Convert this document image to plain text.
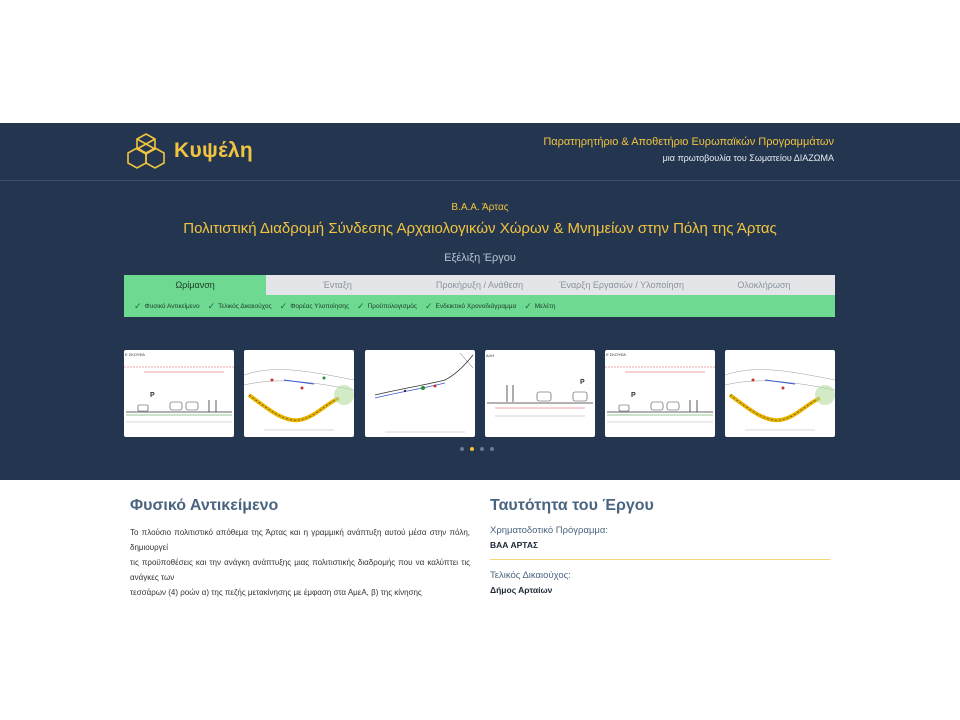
Κυψέλη	Παρατηρητήριο & Αποθετήριο Ευρωπαϊκών Προγραμμάτων
μια πρωτοβουλία του Σωματείου ΔΙΑΖΩΜΑ
Β.Α.Α. Άρτας
Πολιτιστική Διαδρομή Σύνδεσης Αρχαιολογικών Χώρων & Μνημείων στην Πόλη της Άρτας
Εξέλιξη Έργου
Ωρίμανση	Ένταξη	Προκήρυξη / Ανάθεση	Έναρξη Εργασιών / Υλοποίηση	Ολοκλήρωση
✓ Φυσικό Αντικείμενο ✓ Τελικός Δικαιούχος ✓ Φορέας Υλοποίησης ✓ Προϋπολογισμός ✓ Ενδεικτικό Χρονοδιάγραμμα ✓ Μελέτη
Ε ΣΚΟΥΦΑ
P
ΑΛΗ
P
Ε ΣΚΟΥΦΑ
P
Φυσικό Αντικείμενο

Το πλούσιο πολιτιστικό απόθεμα της Άρτας και η γραμμική ανάπτυξη αυτού μέσα στην πόλη, δημιουργεί

τις προϋποθέσεις και την ανάγκη ανάπτυξης μιας πολιτιστικής διαδρομής που να καλύπτει τις ανάγκες των

τεσσάρων (4) ροών α) της πεζής μετακίνησης με έμφαση στα ΑμεΑ, β) της κίνησης

Ταυτότητα του Έργου
Χρηματοδοτικό Πρόγραμμα:
ΒΑΑ ΑΡΤΑΣ
Τελικός Δικαιούχος:
Δήμος Αρταίων
